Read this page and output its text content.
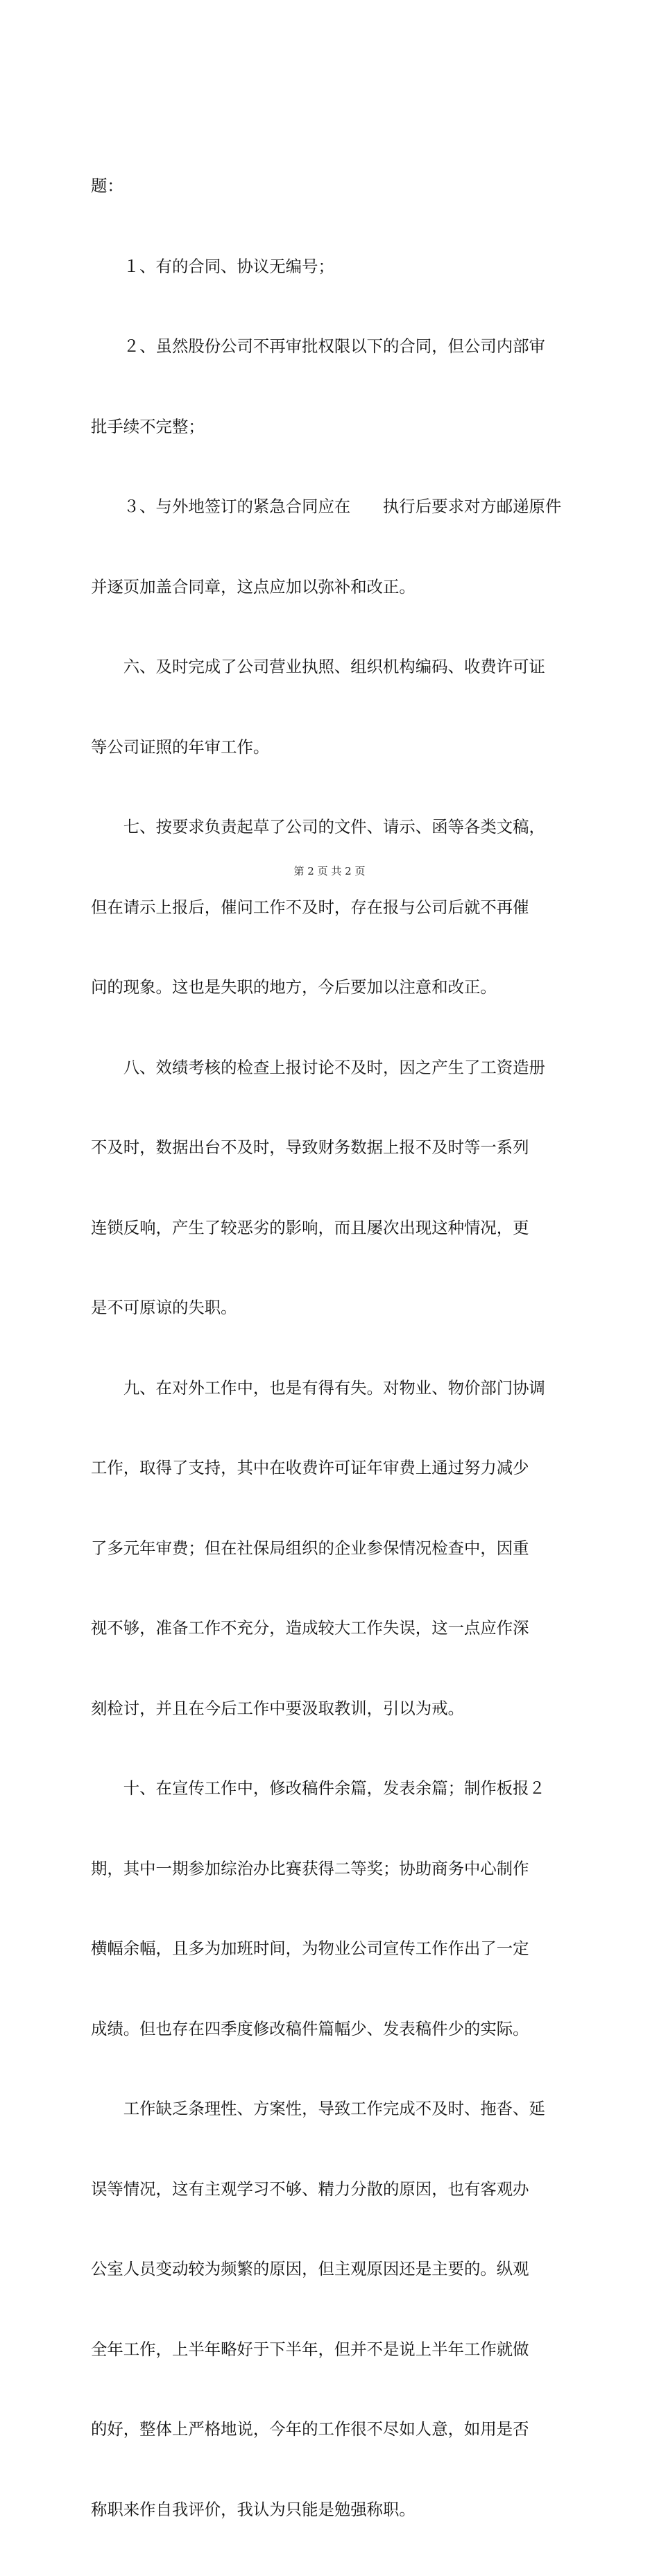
题：

　　１、有的合同、协议无编号；

　　２、虽然股份公司不再审批权限以下的合同，但公司内部审

批手续不完整；

　　３、与外地签订的紧急合同应在　　执行后要求对方邮递原件

并逐页加盖合同章，这点应加以弥补和改正。

　　六、及时完成了公司营业执照、组织机构编码、收费许可证

等公司证照的年审工作。

　　七、按要求负责起草了公司的文件、请示、函等各类文稿，

但在请示上报后，催问工作不及时，存在报与公司后就不再催

问的现象。这也是失职的地方，今后要加以注意和改正。

　　八、效绩考核的检查上报讨论不及时，因之产生了工资造册

不及时，数据出台不及时，导致财务数据上报不及时等一系列

连锁反响，产生了较恶劣的影响，而且屡次出现这种情况，更

是不可原谅的失职。

　　九、在对外工作中，也是有得有失。对物业、物价部门协调

工作，取得了支持，其中在收费许可证年审费上通过努力减少

了多元年审费；但在社保局组织的企业参保情况检查中，因重

视不够，准备工作不充分，造成较大工作失误，这一点应作深

刻检讨，并且在今后工作中要汲取教训，引以为戒。

　　十、在宣传工作中，修改稿件余篇，发表余篇；制作板报２

期，其中一期参加综治办比赛获得二等奖；协助商务中心制作

横幅余幅，且多为加班时间，为物业公司宣传工作作出了一定

成绩。但也存在四季度修改稿件篇幅少、发表稿件少的实际。

　　工作缺乏条理性、方案性，导致工作完成不及时、拖沓、延

误等情况，这有主观学习不够、精力分散的原因，也有客观办

公室人员变动较为频繁的原因，但主观原因还是主要的。纵观

全年工作，上半年略好于下半年，但并不是说上半年工作就做

的好，整体上严格地说，今年的工作很不尽如人意，如用是否

称职来作自我评价，我认为只能是勉强称职。

第 2 页 共 2 页
